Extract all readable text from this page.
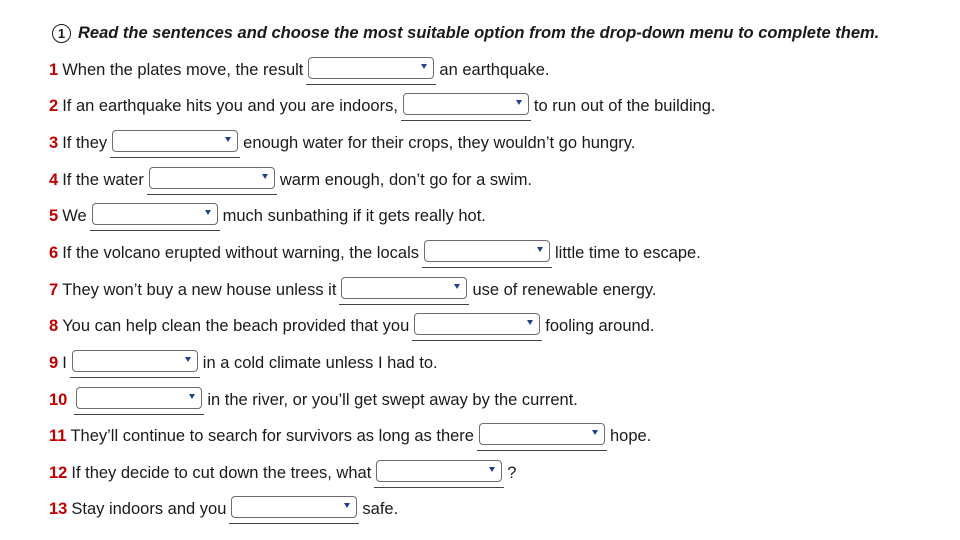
1 Read the sentences and choose the most suitable option from the drop-down menu to complete them.
1 When the plates move, the result	an earthquake.
2 If an earthquake hits you and you are indoors,	to run out of the building.
3 If they	enough water for their crops, they wouldn’t go hungry.
4 If the water	warm enough, don’t go for a swim.
5 We	much sunbathing if it gets really hot.
6 If the volcano erupted without warning, the locals	little time to escape.
7 They won’t buy a new house unless it	use of renewable energy.
8 You can help clean the beach provided that you	fooling around.
9 I	in a cold climate unless I had to.
10	in the river, or you’ll get swept away by the current.
11 They’ll continue to search for survivors as long as there	hope.
12 If they decide to cut down the trees, what	?
13 Stay indoors and you	safe.
